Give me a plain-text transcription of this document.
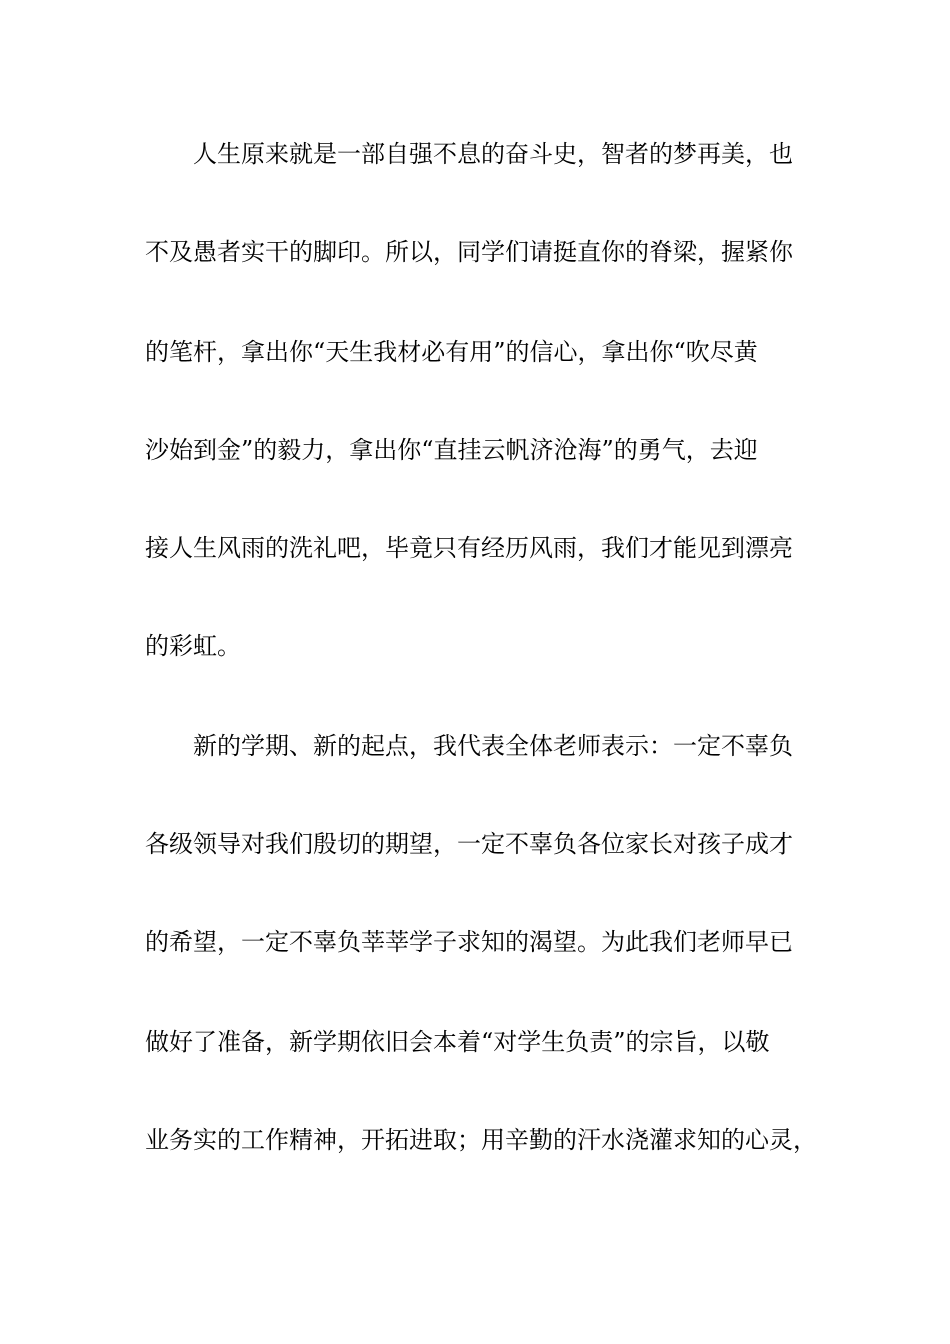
人生原来就是一部自强不息的奋斗史，智者的梦再美，也

不及愚者实干的脚印。所以，同学们请挺直你的脊梁，握紧你

的笔杆，拿出你“天生我材必有用”的信心，拿出你“吹尽黄

沙始到金”的毅力，拿出你“直挂云帆济沧海”的勇气，去迎

接人生风雨的洗礼吧，毕竟只有经历风雨，我们才能见到漂亮

的彩虹。

新的学期、新的起点，我代表全体老师表示：一定不辜负

各级领导对我们殷切的期望，一定不辜负各位家长对孩子成才

的希望，一定不辜负莘莘学子求知的渴望。为此我们老师早已

做好了准备，新学期依旧会本着“对学生负责”的宗旨，以敬

业务实的工作精神，开拓进取；用辛勤的汗水浇灌求知的心灵，
